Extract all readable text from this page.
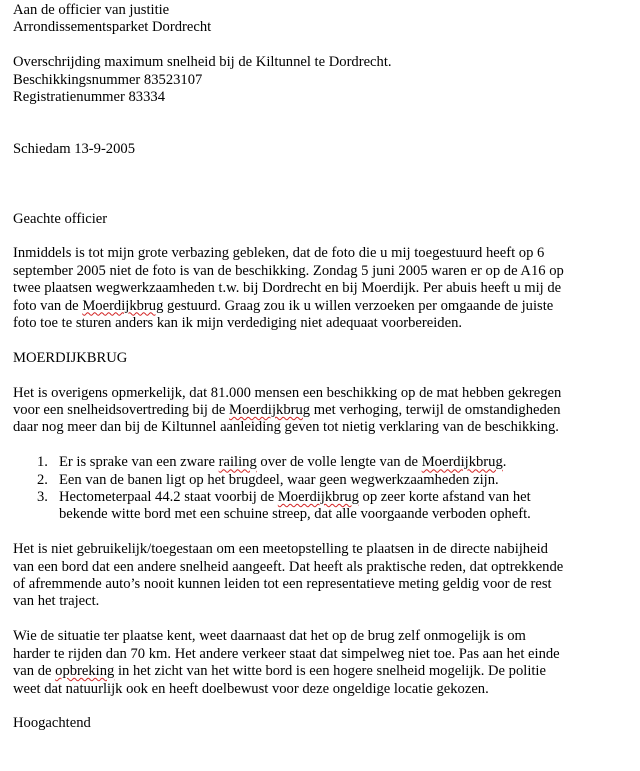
Aan de officier van justitie
Arrondissementsparket Dordrecht
Overschrijding maximum snelheid bij de Kiltunnel te Dordrecht.
Beschikkingsnummer 83523107
Registratienummer 83334
Schiedam 13-9-2005
Geachte officier
Inmiddels is tot mijn grote verbazing gebleken, dat de foto die u mij toegestuurd heeft op 6
september 2005 niet de foto is van de beschikking. Zondag 5 juni 2005 waren er op de A16 op
twee plaatsen wegwerkzaamheden t.w. bij Dordrecht en bij Moerdijk. Per abuis heeft u mij de
foto van de Moerdijkbrug gestuurd. Graag zou ik u willen verzoeken per omgaande de juiste
foto toe te sturen anders kan ik mijn verdediging niet adequaat voorbereiden.
MOERDIJKBRUG
Het is overigens opmerkelijk, dat 81.000 mensen een beschikking op de mat hebben gekregen
voor een snelheidsovertreding bij de Moerdijkbrug met verhoging, terwijl de omstandigheden
daar nog meer dan bij de Kiltunnel aanleiding geven tot nietig verklaring van de beschikking.
1. Er is sprake van een zware railing over de volle lengte van de Moerdijkbrug.
2. Een van de banen ligt op het brugdeel, waar geen wegwerkzaamheden zijn.
3. Hectometerpaal 44.2 staat voorbij de Moerdijkbrug op zeer korte afstand van het
bekende witte bord met een schuine streep, dat alle voorgaande verboden opheft.
Het is niet gebruikelijk/toegestaan om een meetopstelling te plaatsen in de directe nabijheid
van een bord dat een andere snelheid aangeeft. Dat heeft als praktische reden, dat optrekkende
of afremmende auto’s nooit kunnen leiden tot een representatieve meting geldig voor de rest
van het traject.
Wie de situatie ter plaatse kent, weet daarnaast dat het op de brug zelf onmogelijk is om
harder te rijden dan 70 km. Het andere verkeer staat dat simpelweg niet toe. Pas aan het einde
van de opbreking in het zicht van het witte bord is een hogere snelheid mogelijk. De politie
weet dat natuurlijk ook en heeft doelbewust voor deze ongeldige locatie gekozen.
Hoogachtend
